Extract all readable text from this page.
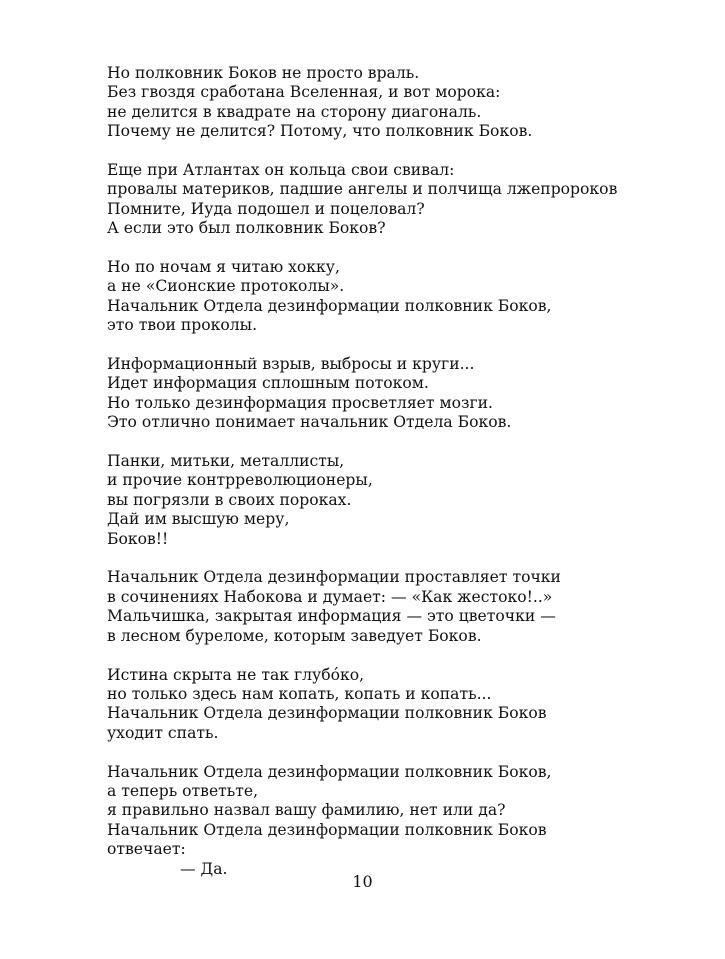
Но полковник Боков не просто враль.
Без гвоздя сработана Вселенная, и вот морока:
не делится в квадрате на сторону диагональ.
Почему не делится? Потому, что полковник Боков.
Еще при Атлантах он кольца свои свивал:
провалы материков, падшие ангелы и полчища лжепророков
Помните, Иуда подошел и поцеловал?
А если это был полковник Боков?
Но по ночам я читаю хокку,
а не «Сионские протоколы».
Начальник Отдела дезинформации полковник Боков,
это твои проколы.
Информационный взрыв, выбросы и круги...
Идет информация сплошным потоком.
Но только дезинформация просветляет мозги.
Это отлично понимает начальник Отдела Боков.
Панки, митьки, металлисты,
и прочие контрреволюционеры,
вы погрязли в своих пороках.
Дай им высшую меру,
Боков!!
Начальник Отдела дезинформации проставляет точки
в сочинениях Набокова и думает: — «Как жестоко!..»
Мальчишка, закрытая информация — это цветочки —
в лесном буреломе, которым заведует Боков.
Истина скрыта не так глубóко,
но только здесь нам копать, копать и копать...
Начальник Отдела дезинформации полковник Боков
уходит спать.
Начальник Отдела дезинформации полковник Боков,
а теперь ответьте,
я правильно назвал вашу фамилию, нет или да?
Начальник Отдела дезинформации полковник Боков
отвечает:
— Да.
10
